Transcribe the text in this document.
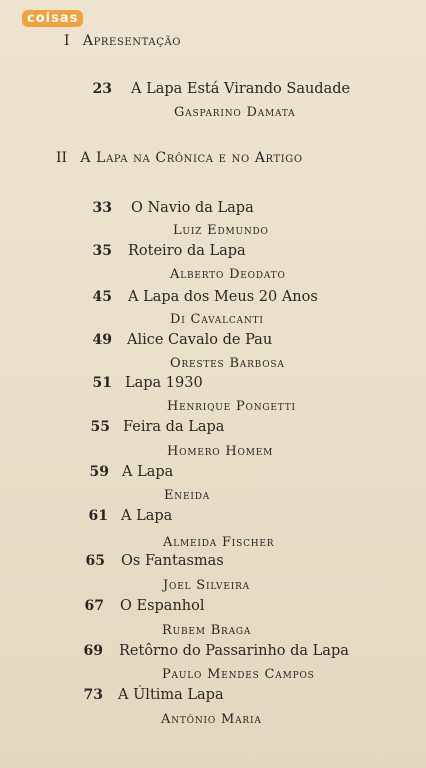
coisas
I Apresentação
23 A Lapa Está Virando Saudade
Gasparino Damata
II A Lapa na Crônica e no Artigo
33 O Navio da Lapa
Luiz Edmundo
35 Roteiro da Lapa
Alberto Deodato
45 A Lapa dos Meus 20 Anos
Di Cavalcanti
49 Alice Cavalo de Pau
Orestes Barbosa
51 Lapa 1930
Henrique Pongetti
55 Feira da Lapa
Homero Homem
59 A Lapa
Eneida
61 A Lapa
Almeida Fischer
65 Os Fantasmas
Joel Silveira
67 O Espanhol
Rubem Braga
69 Retôrno do Passarinho da Lapa
Paulo Mendes Campos
73 A Última Lapa
Antônio Maria
